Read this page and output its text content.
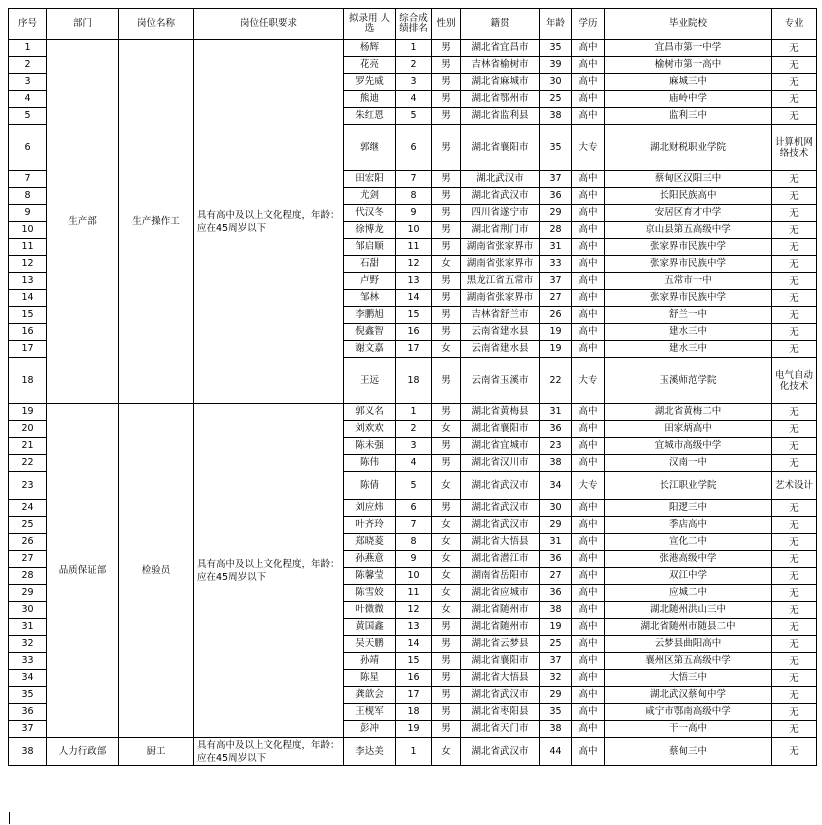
序号	部门	岗位名称	岗位任职要求	拟录用 人选	综合成绩排名	性别	籍贯	年龄	学历	毕业院校	专业
1	生产部	生产操作工	具有高中及以上文化程度，年龄：应在45周岁以下	杨辉	1	男	湖北省宜昌市	35	高中	宜昌市第一中学	无
2				花亮	2	男	吉林省榆树市	39	高中	榆树市第一高中	无
3				罗先威	3	男	湖北省麻城市	30	高中	麻城三中	无
4				熊迪	4	男	湖北省鄂州市	25	高中	庙岭中学	无
5				朱红恩	5	男	湖北省监利县	38	高中	监利三中	无
6				郭继	6	男	湖北省襄阳市	35	大专	湖北财税职业学院	计算机网络技术
7				田宏阳	7	男	湖北武汉市	37	高中	蔡甸区汉阳三中	无
8				尤剑	8	男	湖北省武汉市	36	高中	长阳民族高中	无
9				代汉冬	9	男	四川省遂宁市	29	高中	安居区育才中学	无
10				徐博龙	10	男	湖北省荆门市	28	高中	京山县第五高级中学	无
11				邹启顺	11	男	湖南省张家界市	31	高中	张家界市民族中学	无
12				石甜	12	女	湖南省张家界市	33	高中	张家界市民族中学	无
13				卢野	13	男	黑龙江省五常市	37	高中	五常市一中	无
14				邹林	14	男	湖南省张家界市	27	高中	张家界市民族中学	无
15				李鹏旭	15	男	吉林省舒兰市	26	高中	舒兰一中	无
16				倪鑫智	16	男	云南省建水县	19	高中	建水三中	无
17				谢文嘉	17	女	云南省建水县	19	高中	建水三中	无
18				王远	18	男	云南省玉溪市	22	大专	玉溪师范学院	电气自动化技术
19	品质保证部	检验员	具有高中及以上文化程度，年龄：应在45周岁以下	郭义名	1	男	湖北省黄梅县	31	高中	湖北省黄梅二中	无
20				刘欢欢	2	女	湖北省襄阳市	36	高中	田家炳高中	无
21				陈未强	3	男	湖北省宜城市	23	高中	宜城市高级中学	无
22				陈伟	4	男	湖北省汉川市	38	高中	汉南一中	无
23				陈倩	5	女	湖北省武汉市	34	大专	长江职业学院	艺术设计
24				刘应炜	6	男	湖北省武汉市	30	高中	阳逻三中	无
25				叶齐玲	7	女	湖北省武汉市	29	高中	季店高中	无
26				郑晓菱	8	女	湖北省大悟县	31	高中	宣化二中	无
27				孙燕意	9	女	湖北省潜江市	36	高中	张港高级中学	无
28				陈馨莹	10	女	湖南省岳阳市	27	高中	双江中学	无
29				陈雪姣	11	女	湖北省应城市	36	高中	应城二中	无
30				叶微微	12	女	湖北省随州市	38	高中	湖北随州洪山三中	无
31				黄国鑫	13	男	湖北省随州市	19	高中	湖北省随州市随县二中	无
32				吴天鹏	14	男	湖北省云梦县	25	高中	云梦县曲阳高中	无
33				孙靖	15	男	湖北省襄阳市	37	高中	襄州区第五高级中学	无
34				陈星	16	男	湖北省大悟县	32	高中	大悟三中	无
35				龚歆会	17	男	湖北省武汉市	29	高中	湖北武汉蔡甸中学	无
36				王枧军	18	男	湖北省枣阳县	35	高中	咸宁市鄂南高级中学	无
37				彭冲	19	男	湖北省天门市	38	高中	干一高中	无
38	人力行政部	厨工	具有高中及以上文化程度，年龄：应在45周岁以下	李达美	1	女	湖北省武汉市	44	高中	蔡甸三中	无
